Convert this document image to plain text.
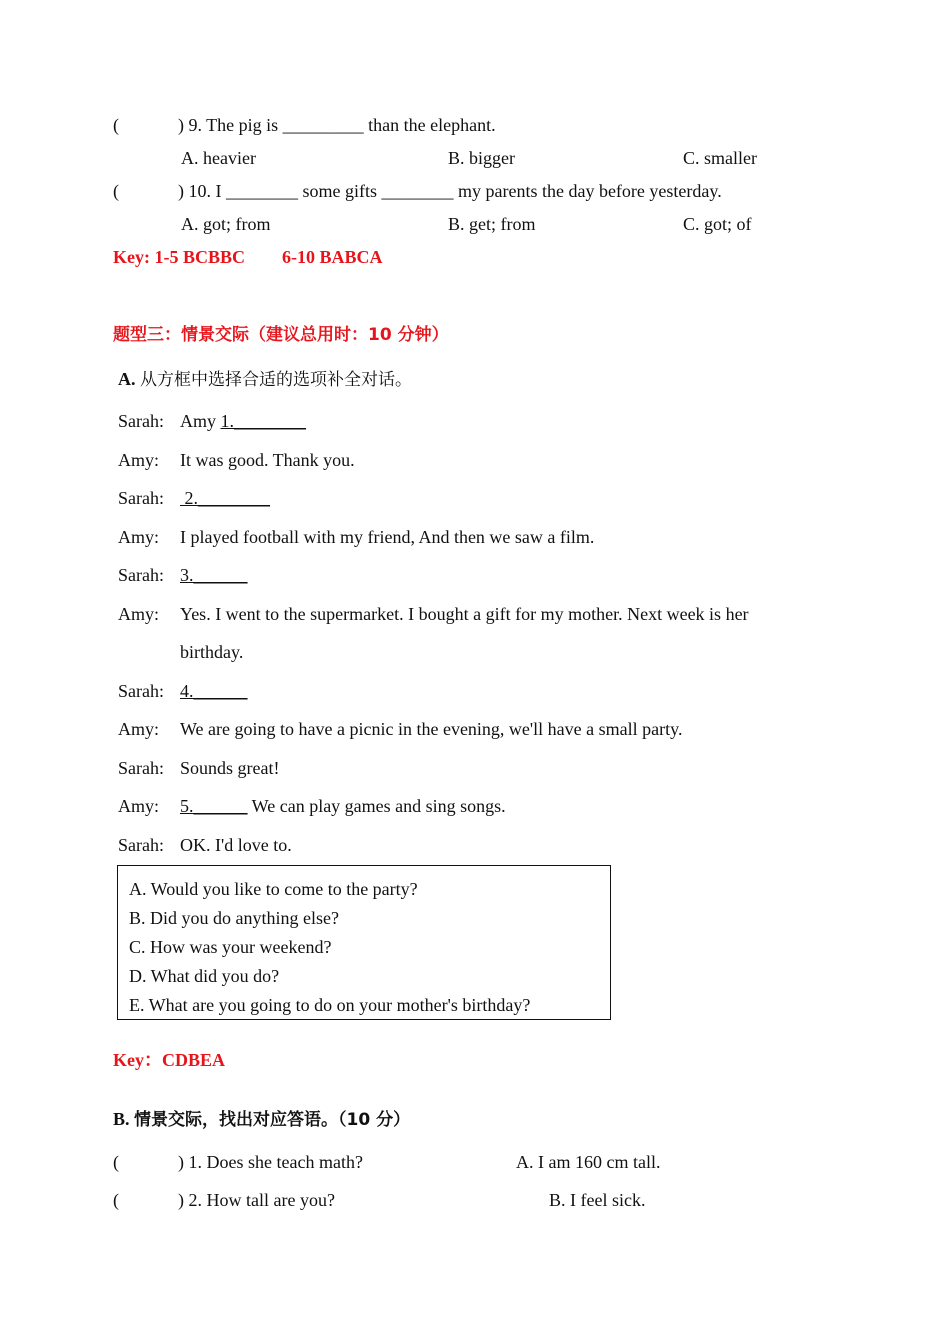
(	) 9. The pig is _________ than the elephant.
A. heavier	B. bigger	C. smaller
(	) 10. I ________ some gifts ________ my parents the day before yesterday.
A. got; from	B. get; from	C. got; of
Key: 1-5 BCBBC 6-10 BABCA
题型三：情景交际（建议总用时：10 分钟）
A. 从方框中选择合适的选项补全对话。
Sarah: Amy 1.________
Amy: It was good. Thank you.
Sarah: 2.________
Amy: I played football with my friend, And then we saw a film.
Sarah: 3.______
Amy: Yes. I went to the supermarket. I bought a gift for my mother. Next week is her
birthday.
Sarah: 4.______
Amy: We are going to have a picnic in the evening, we'll have a small party.
Sarah: Sounds great!
Amy: 5.______ We can play games and sing songs.
Sarah: OK. I'd love to.
A. Would you like to come to the party?
B. Did you do anything else?
C. How was your weekend?
D. What did you do?
E. What are you going to do on your mother's birthday?
Key：CDBEA
B. 情景交际，找出对应答语。（10 分）
(	) 1. Does she teach math?	A. I am 160 cm tall.
(	) 2. How tall are you?	B. I feel sick.
